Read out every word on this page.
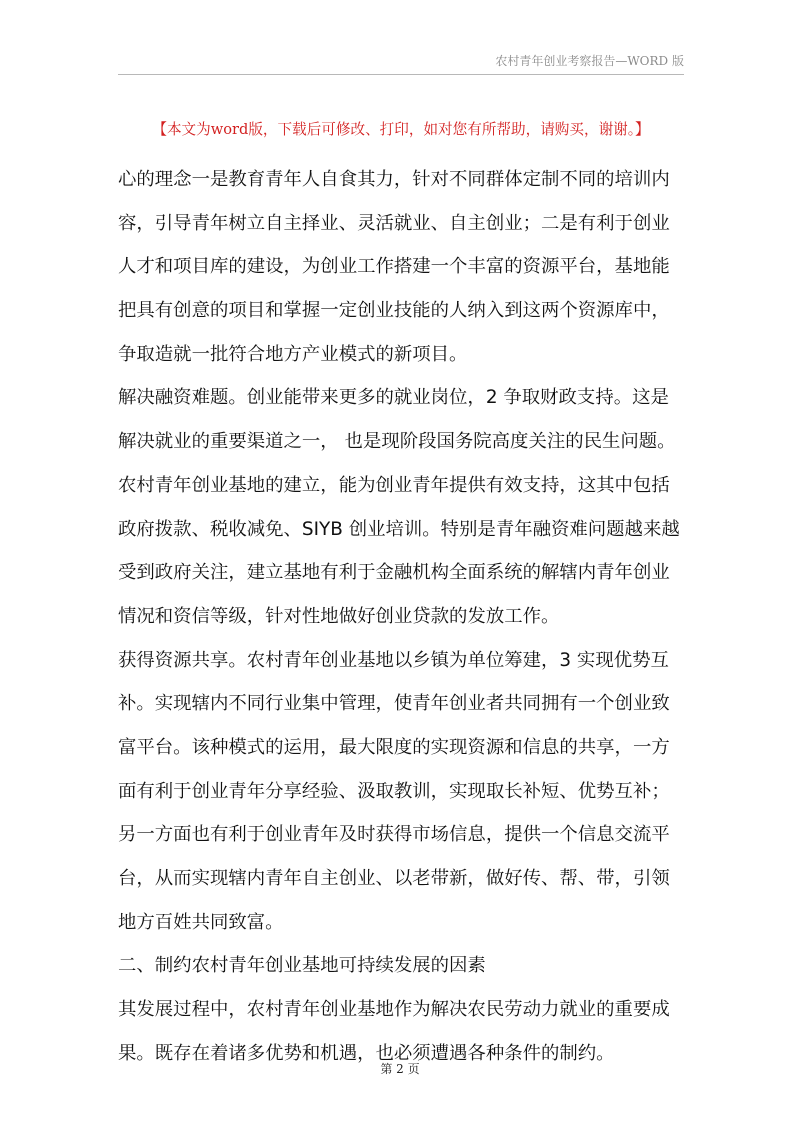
农村青年创业考察报告—WORD 版
【本文为word版，下载后可修改、打印，如对您有所帮助，请购买，谢谢。】
心的理念一是教育青年人自食其力，针对不同群体定制不同的培训内
容，引导青年树立自主择业、灵活就业、自主创业；二是有利于创业
人才和项目库的建设，为创业工作搭建一个丰富的资源平台，基地能
把具有创意的项目和掌握一定创业技能的人纳入到这两个资源库中，
争取造就一批符合地方产业模式的新项目。
解决融资难题。创业能带来更多的就业岗位，2 争取财政支持。这是
解决就业的重要渠道之一， 也是现阶段国务院高度关注的民生问题。
农村青年创业基地的建立，能为创业青年提供有效支持，这其中包括
政府拨款、税收减免、SIYB 创业培训。特别是青年融资难问题越来越
受到政府关注，建立基地有利于金融机构全面系统的解辖内青年创业
情况和资信等级，针对性地做好创业贷款的发放工作。
获得资源共享。农村青年创业基地以乡镇为单位筹建，3 实现优势互
补。实现辖内不同行业集中管理，使青年创业者共同拥有一个创业致
富平台。该种模式的运用，最大限度的实现资源和信息的共享，一方
面有利于创业青年分享经验、汲取教训，实现取长补短、优势互补；
另一方面也有利于创业青年及时获得市场信息，提供一个信息交流平
台，从而实现辖内青年自主创业、以老带新，做好传、帮、带，引领
地方百姓共同致富。
二、制约农村青年创业基地可持续发展的因素
其发展过程中，农村青年创业基地作为解决农民劳动力就业的重要成
果。既存在着诸多优势和机遇，也必须遭遇各种条件的制约。
第 2 页
